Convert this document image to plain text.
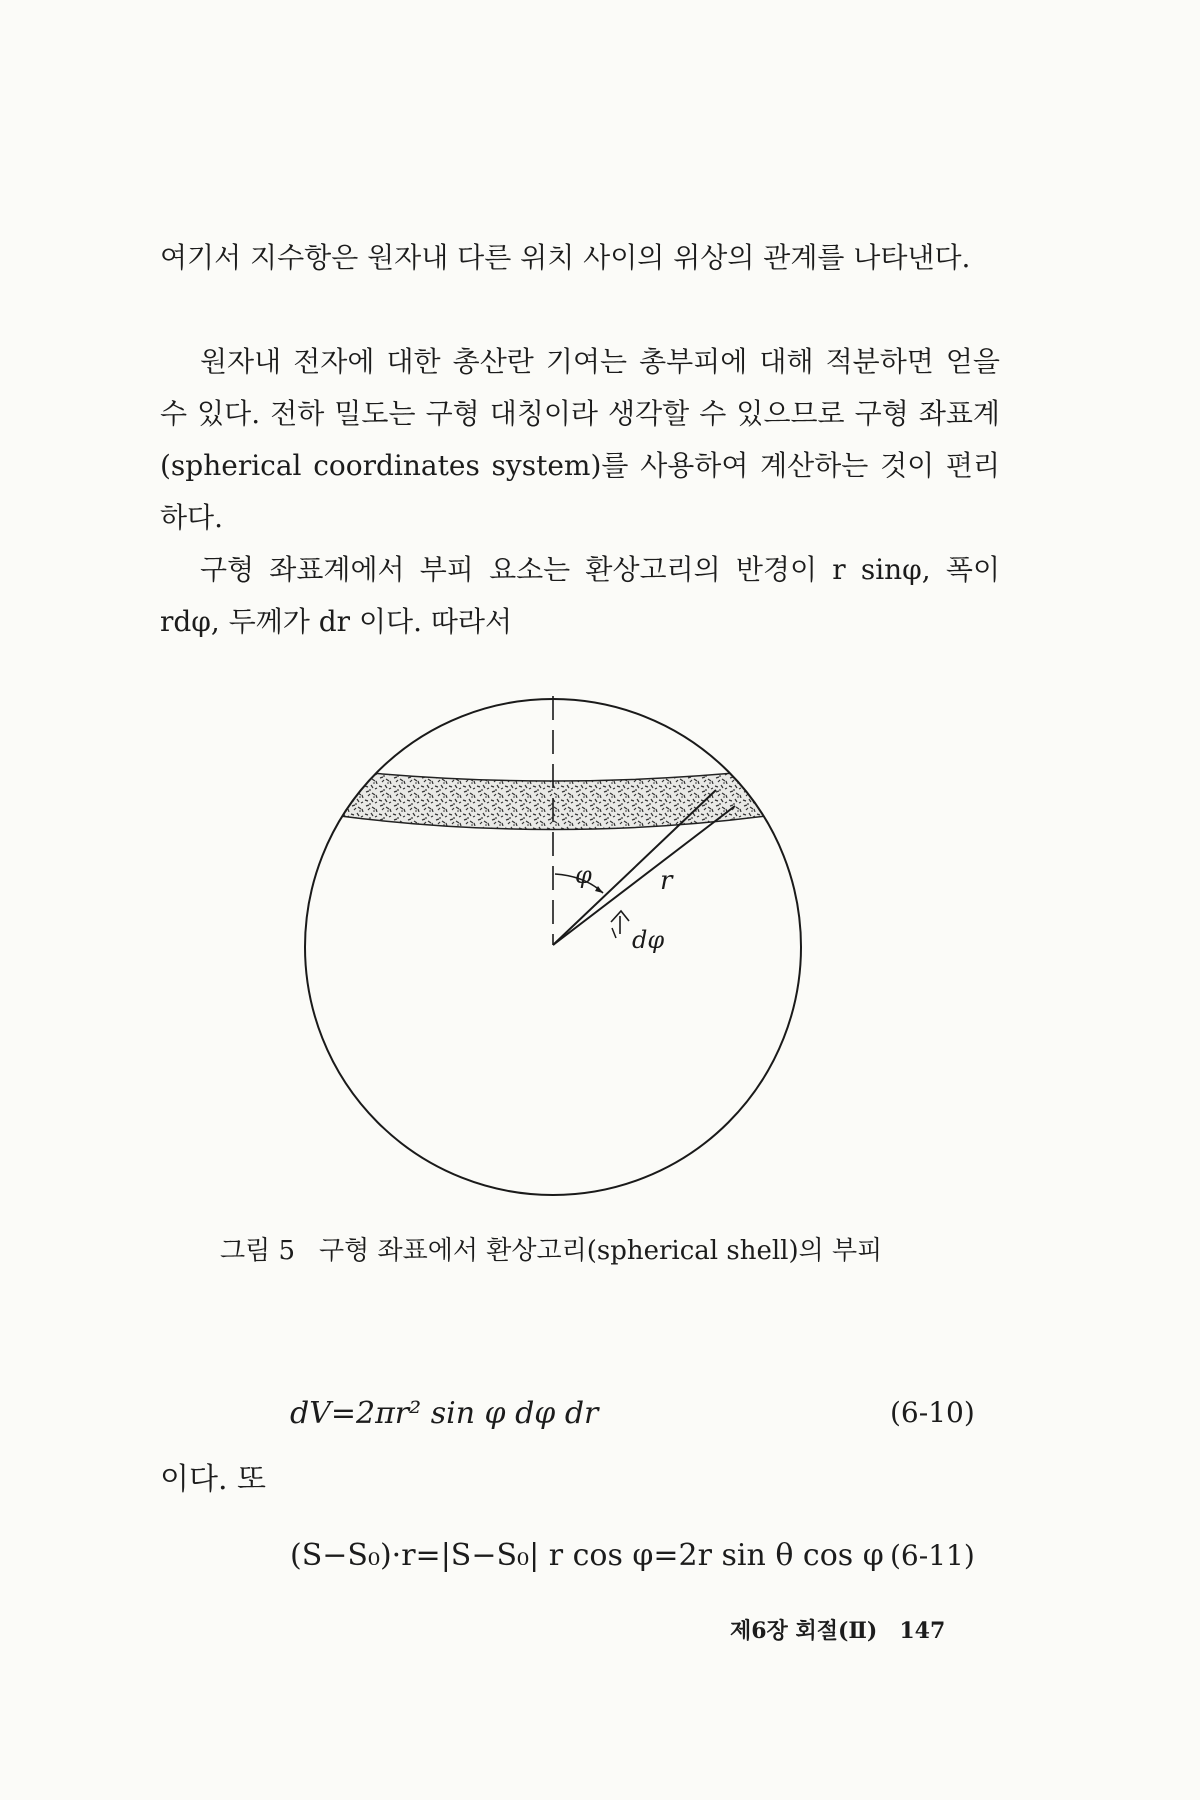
여기서 지수항은 원자내 다른 위치 사이의 위상의 관계를 나타낸다.

원자내 전자에 대한 총산란 기여는 총부피에 대해 적분하면 얻을 수 있다. 전하 밀도는 구형 대칭이라 생각할 수 있으므로 구형 좌표계 (spherical coordinates system)를 사용하여 계산하는 것이 편리하다.

구형 좌표계에서 부피 요소는 환상고리의 반경이 r sinφ, 폭이 rdφ, 두께가 dr 이다. 따라서

φ	r
dφ
그림 5 구형 좌표에서 환상고리(spherical shell)의 부피
dV=2πr² sin φ dφ dr	(6-10)
이다. 또
(S−S₀)·r=|S−S₀| r cos φ=2r sin θ cos φ (6-11)
제6장 회절(Ⅱ) 147
